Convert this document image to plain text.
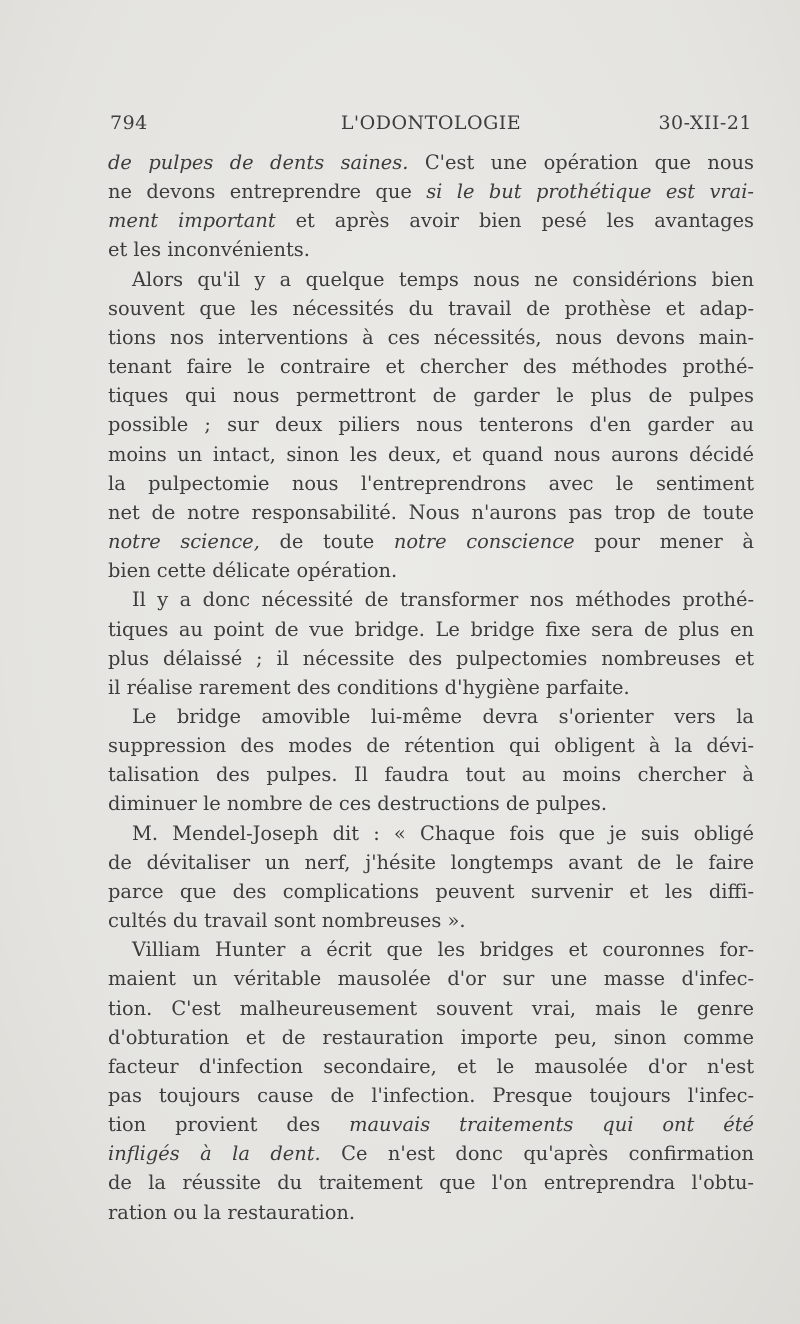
794	L'ODONTOLOGIE	30-XII-21
de pulpes de dents saines. C'est une opération que nous
ne devons entreprendre que si le but prothétique est vrai-
ment important et après avoir bien pesé les avantages
et les inconvénients.
Alors qu'il y a quelque temps nous ne considérions bien
souvent que les nécessités du travail de prothèse et adap-
tions nos interventions à ces nécessités, nous devons main-
tenant faire le contraire et chercher des méthodes prothé-
tiques qui nous permettront de garder le plus de pulpes
possible ; sur deux piliers nous tenterons d'en garder au
moins un intact, sinon les deux, et quand nous aurons décidé
la pulpectomie nous l'entreprendrons avec le sentiment
net de notre responsabilité. Nous n'aurons pas trop de toute
notre science, de toute notre conscience pour mener à
bien cette délicate opération.
Il y a donc nécessité de transformer nos méthodes prothé-
tiques au point de vue bridge. Le bridge fixe sera de plus en
plus délaissé ; il nécessite des pulpectomies nombreuses et
il réalise rarement des conditions d'hygiène parfaite.
Le bridge amovible lui-même devra s'orienter vers la
suppression des modes de rétention qui obligent à la dévi-
talisation des pulpes. Il faudra tout au moins chercher à
diminuer le nombre de ces destructions de pulpes.
M. Mendel-Joseph dit : « Chaque fois que je suis obligé
de dévitaliser un nerf, j'hésite longtemps avant de le faire
parce que des complications peuvent survenir et les diffi-
cultés du travail sont nombreuses ».
Villiam Hunter a écrit que les bridges et couronnes for-
maient un véritable mausolée d'or sur une masse d'infec-
tion. C'est malheureusement souvent vrai, mais le genre
d'obturation et de restauration importe peu, sinon comme
facteur d'infection secondaire, et le mausolée d'or n'est
pas toujours cause de l'infection. Presque toujours l'infec-
tion provient des mauvais traitements qui ont été
infligés à la dent. Ce n'est donc qu'après confirmation
de la réussite du traitement que l'on entreprendra l'obtu-
ration ou la restauration.
